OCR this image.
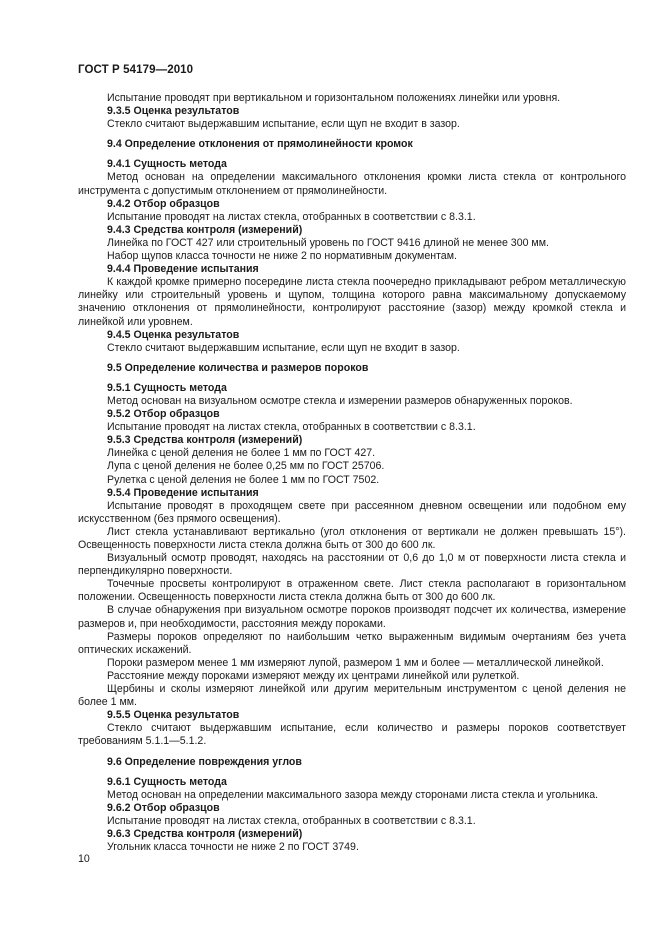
ГОСТ Р 54179—2010
Испытание проводят при вертикальном и горизонтальном положениях линейки или уровня.
9.3.5 Оценка результатов
Стекло считают выдержавшим испытание, если щуп не входит в зазор.
9.4 Определение отклонения от прямолинейности кромок
9.4.1 Сущность метода
Метод основан на определении максимального отклонения кромки листа стекла от контрольного инструмента с допустимым отклонением от прямолинейности.
9.4.2 Отбор образцов
Испытание проводят на листах стекла, отобранных в соответствии с 8.3.1.
9.4.3 Средства контроля (измерений)
Линейка по ГОСТ 427 или строительный уровень по ГОСТ 9416 длиной не менее 300 мм.
Набор щупов класса точности не ниже 2 по нормативным документам.
9.4.4 Проведение испытания
К каждой кромке примерно посередине листа стекла поочередно прикладывают ребром металлическую линейку или строительный уровень и щупом, толщина которого равна максимальному допускаемому значению отклонения от прямолинейности, контролируют расстояние (зазор) между кромкой стекла и линейкой или уровнем.
9.4.5 Оценка результатов
Стекло считают выдержавшим испытание, если щуп не входит в зазор.
9.5 Определение количества и размеров пороков
9.5.1 Сущность метода
Метод основан на визуальном осмотре стекла и измерении размеров обнаруженных пороков.
9.5.2 Отбор образцов
Испытание проводят на листах стекла, отобранных в соответствии с 8.3.1.
9.5.3 Средства контроля (измерений)
Линейка с ценой деления не более 1 мм по ГОСТ 427.
Лупа с ценой деления не более 0,25 мм по ГОСТ 25706.
Рулетка с ценой деления не более 1 мм по ГОСТ 7502.
9.5.4 Проведение испытания
Испытание проводят в проходящем свете при рассеянном дневном освещении или подобном ему искусственном (без прямого освещения).
Лист стекла устанавливают вертикально (угол отклонения от вертикали не должен превышать 15°). Освещенность поверхности листа стекла должна быть от 300 до 600 лк.
Визуальный осмотр проводят, находясь на расстоянии от 0,6 до 1,0 м от поверхности листа стекла и перпендикулярно поверхности.
Точечные просветы контролируют в отраженном свете. Лист стекла располагают в горизонтальном положении. Освещенность поверхности листа стекла должна быть от 300 до 600 лк.
В случае обнаружения при визуальном осмотре пороков производят подсчет их количества, измерение размеров и, при необходимости, расстояния между пороками.
Размеры пороков определяют по наибольшим четко выраженным видимым очертаниям без учета оптических искажений.
Пороки размером менее 1 мм измеряют лупой, размером 1 мм и более — металлической линейкой.
Расстояние между пороками измеряют между их центрами линейкой или рулеткой.
Щербины и сколы измеряют линейкой или другим мерительным инструментом с ценой деления не более 1 мм.
9.5.5 Оценка результатов
Стекло считают выдержавшим испытание, если количество и размеры пороков соответствует требованиям 5.1.1—5.1.2.
9.6 Определение повреждения углов
9.6.1 Сущность метода
Метод основан на определении максимального зазора между сторонами листа стекла и угольника.
9.6.2 Отбор образцов
Испытание проводят на листах стекла, отобранных в соответствии с 8.3.1.
9.6.3 Средства контроля (измерений)
Угольник класса точности не ниже 2 по ГОСТ 3749.
10
